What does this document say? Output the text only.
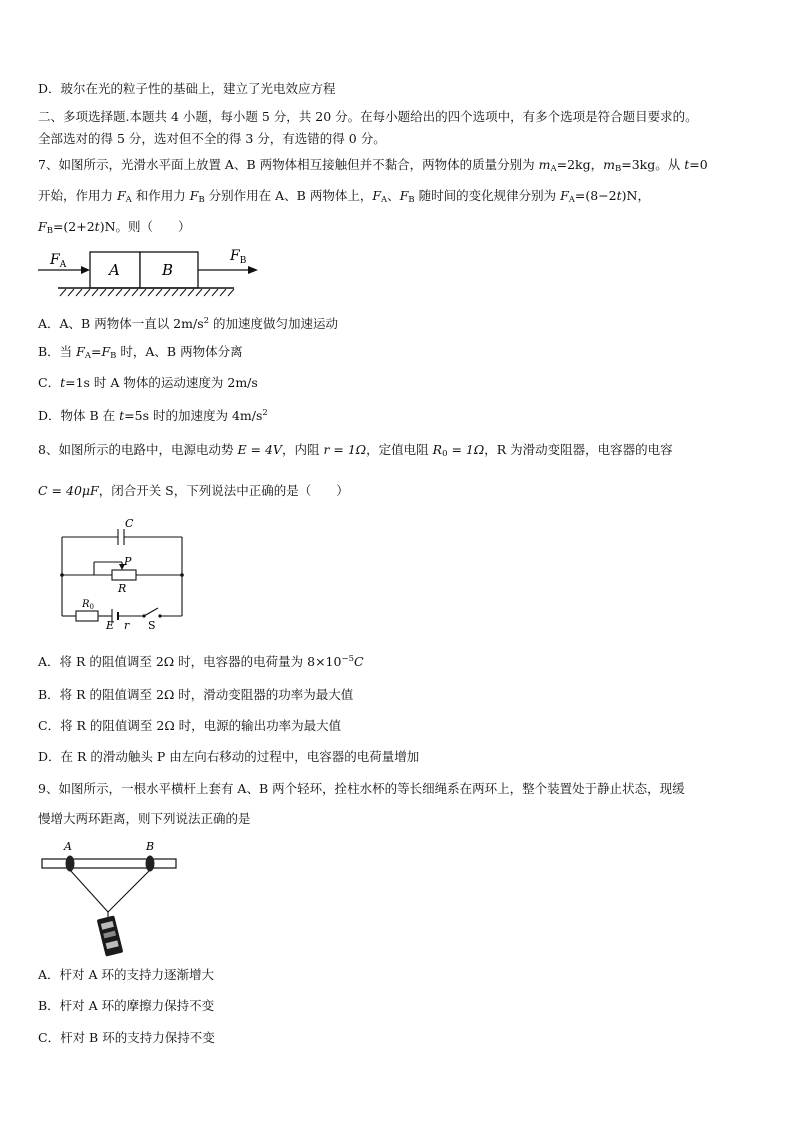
D．玻尔在光的粒子性的基础上，建立了光电效应方程
二、多项选择题.本题共 4 小题，每小题 5 分，共 20 分。在每小题给出的四个选项中，有多个选项是符合题目要求的。
全部选对的得 5 分，选对但不全的得 3 分，有选错的得 0 分。
7、如图所示，光滑水平面上放置 A、B 两物体相互接触但并不黏合，两物体的质量分别为 $m_A=2kg$，$m_B=3kg$。从 t=0
开始，作用力 $F_A$ 和作用力 $F_B$ 分别作用在 A、B 两物体上，$F_A$、$F_B$ 随时间的变化规律分别为 $F_A=(8-2t)N$，
$F_B=(2+2t)N$。则（　　）
$F_A$	A	B
$F_B$
A．A、B 两物体一直以 $2m/s^2$ 的加速度做匀加速运动
B．当 $F_A=F_B$ 时，A、B 两物体分离
C．t=1s 时 A 物体的运动速度为 2m/s
D．物体 B 在 t=5s 时的加速度为 $4m/s^2$
8、如图所示的电路中，电源电动势 E = 4V，内阻 r = 1Ω，定值电阻 $R_0 = 1\Omega$，R 为滑动变阻器，电容器的电容
C = 40μF，闭合开关 S，下列说法中正确的是（　　）
C
P
R
$R_0$
E r S
A．将 R 的阻值调至 2Ω 时，电容器的电荷量为 $8\times 10^{-5}C$
B．将 R 的阻值调至 2Ω 时，滑动变阻器的功率为最大值
C．将 R 的阻值调至 2Ω 时，电源的输出功率为最大值
D．在 R 的滑动触头 P 由左向右移动的过程中，电容器的电荷量增加
9、如图所示，一根水平横杆上套有 A、B 两个轻环，拴柱水杯的等长细绳系在两环上，整个装置处于静止状态，现缓
慢增大两环距离，则下列说法正确的是
A	B
A．杆对 A 环的支持力逐渐增大
B．杆对 A 环的摩擦力保持不变
C．杆对 B 环的支持力保持不变
